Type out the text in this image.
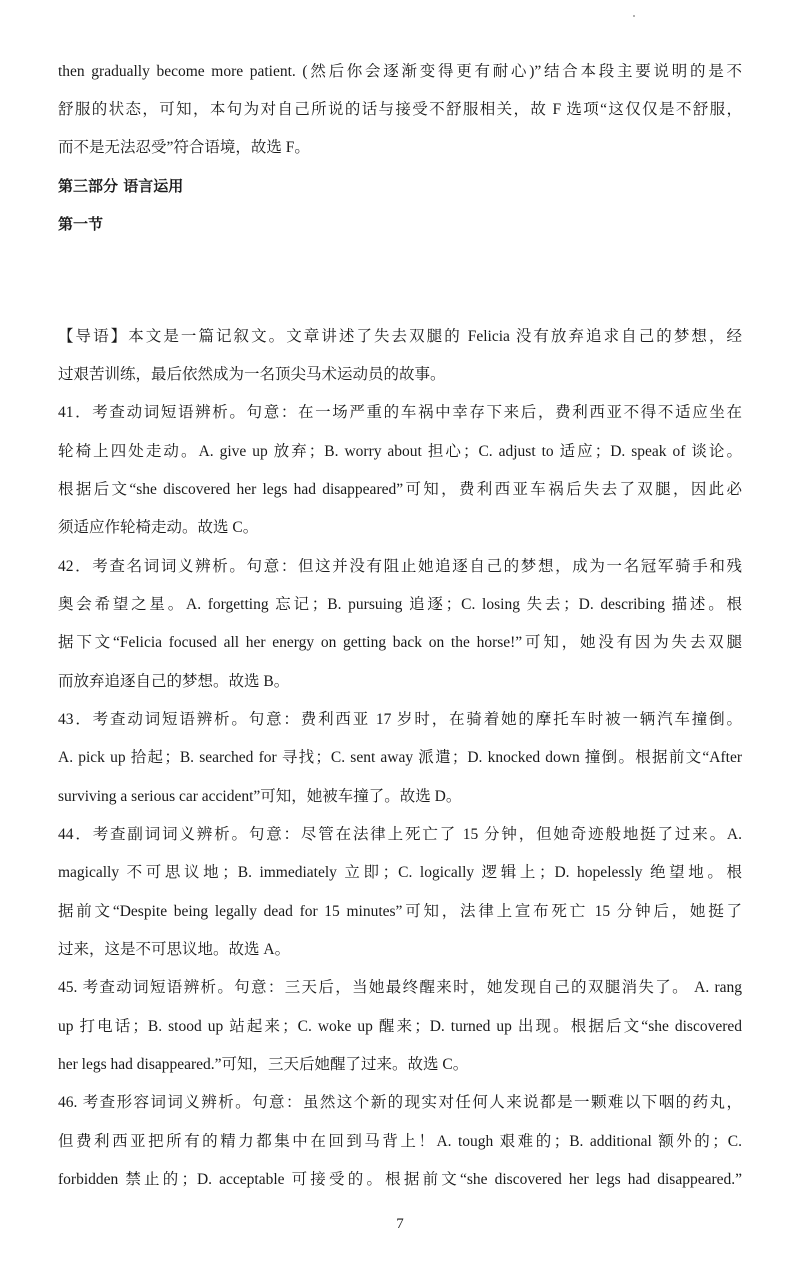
then gradually become more patient. (然后你会逐渐变得更有耐心)”结合本段主要说明的是不
舒服的状态，可知，本句为对自己所说的话与接受不舒服相关，故 F 选项“这仅仅是不舒服，
而不是无法忍受”符合语境，故选 F。
第三部分 语言运用
第一节
【导语】本文是一篇记叙文。文章讲述了失去双腿的 Felicia 没有放弃追求自己的梦想，经
过艰苦训练，最后依然成为一名顶尖马术运动员的故事。
41．考查动词短语辨析。句意：在一场严重的车祸中幸存下来后，费利西亚不得不适应坐在
轮椅上四处走动。A. give up 放弃；B. worry about 担心；C. adjust to 适应；D. speak of 谈论。
根据后文“she discovered her legs had disappeared”可知，费利西亚车祸后失去了双腿，因此必
须适应作轮椅走动。故选 C。
42．考查名词词义辨析。句意：但这并没有阻止她追逐自己的梦想，成为一名冠军骑手和残
奥会希望之星。A. forgetting 忘记；B. pursuing 追逐；C. losing 失去；D. describing 描述。根
据下文“Felicia focused all her energy on getting back on the horse!”可知，她没有因为失去双腿
而放弃追逐自己的梦想。故选 B。
43．考查动词短语辨析。句意：费利西亚 17 岁时，在骑着她的摩托车时被一辆汽车撞倒。
A. pick up 拾起；B. searched for 寻找；C. sent away 派遣；D. knocked down 撞倒。根据前文“After
surviving a serious car accident”可知，她被车撞了。故选 D。
44．考查副词词义辨析。句意：尽管在法律上死亡了 15 分钟，但她奇迹般地挺了过来。A.
magically 不可思议地；B. immediately 立即；C. logically 逻辑上；D. hopelessly 绝望地。根
据前文“Despite being legally dead for 15 minutes”可知，法律上宣布死亡 15 分钟后，她挺了
过来，这是不可思议地。故选 A。
45. 考查动词短语辨析。句意：三天后，当她最终醒来时，她发现自己的双腿消失了。 A. rang
up 打电话；B. stood up 站起来；C. woke up 醒来；D. turned up 出现。根据后文“she discovered
her legs had disappeared.”可知，三天后她醒了过来。故选 C。
46. 考查形容词词义辨析。句意：虽然这个新的现实对任何人来说都是一颗难以下咽的药丸，
但费利西亚把所有的精力都集中在回到马背上！A. tough 艰难的；B. additional 额外的；C.
forbidden 禁止的；D. acceptable 可接受的。根据前文“she discovered her legs had disappeared.”
7
